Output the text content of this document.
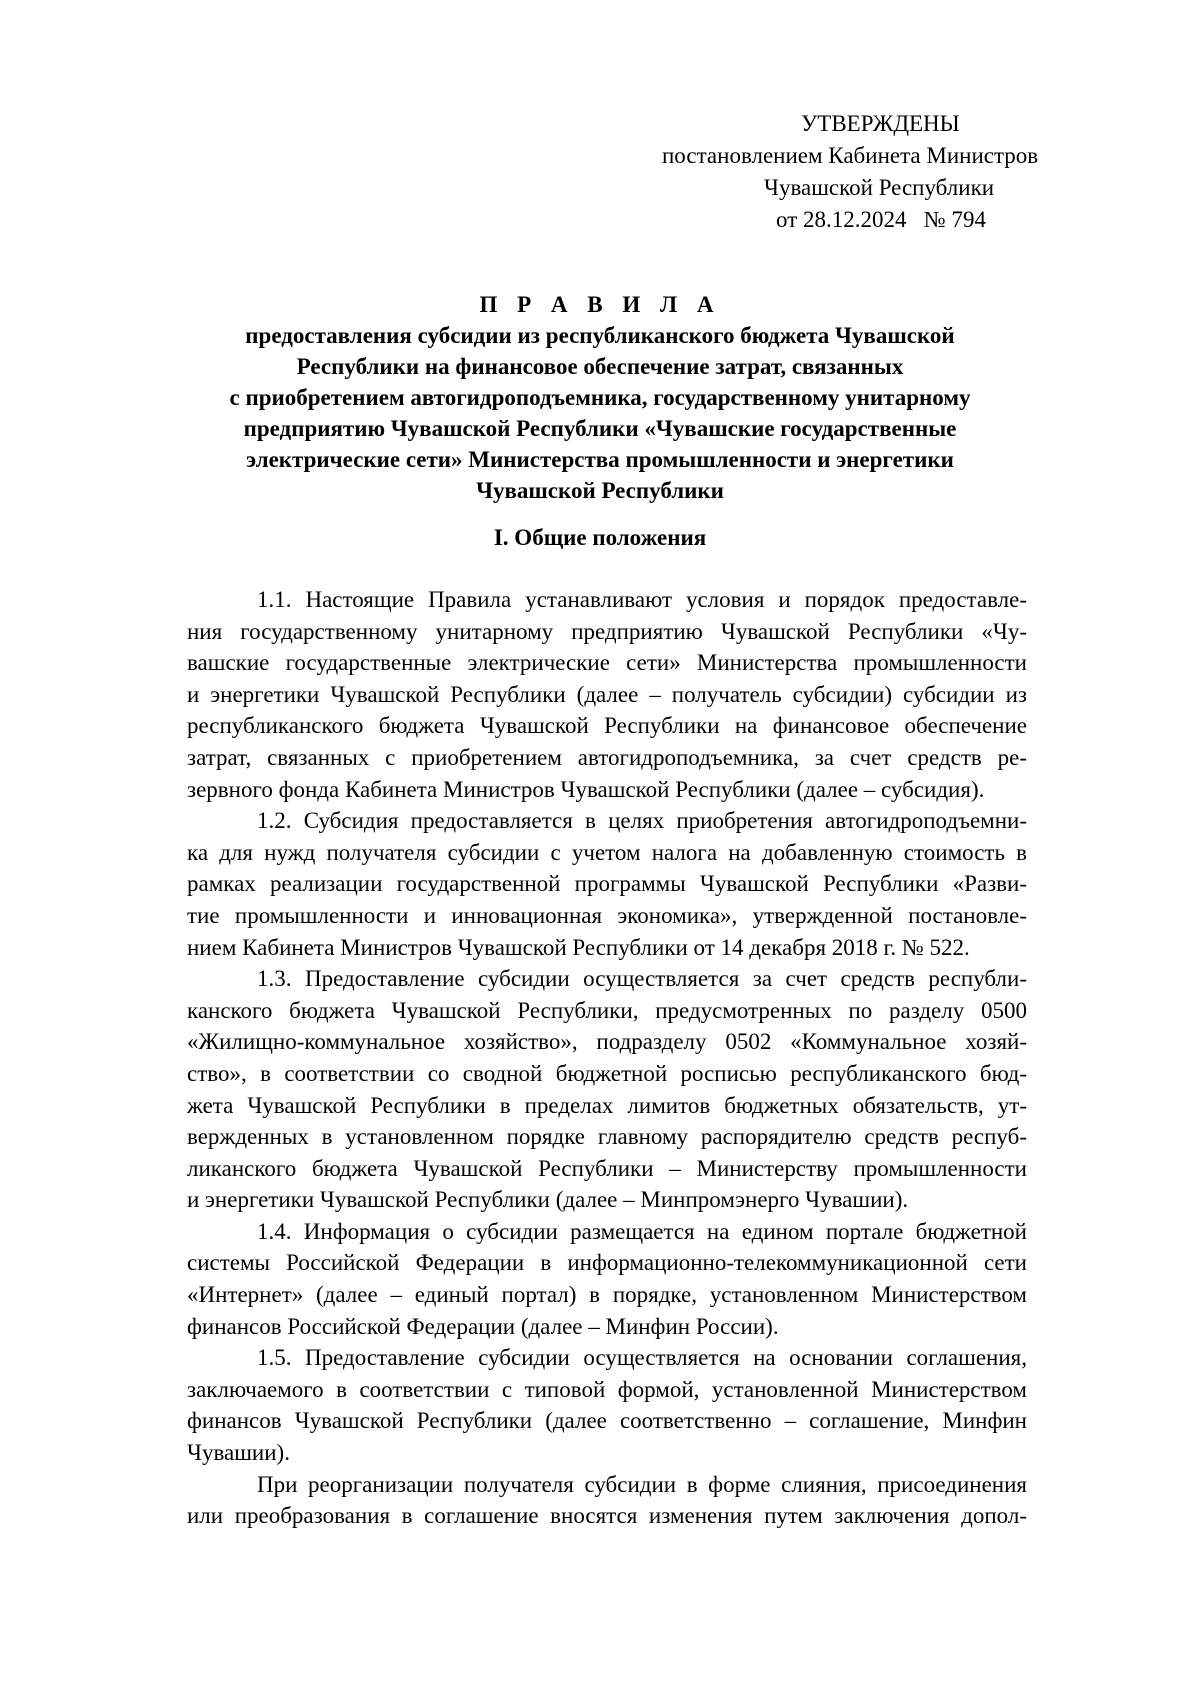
УТВЕРЖДЕНЫ
постановлением Кабинета Министров
Чувашской Республики
от 28.12.2024   № 794
П Р А В И Л А
предоставления субсидии из республиканского бюджета Чувашской
Республики на финансовое обеспечение затрат, связанных
с приобретением автогидроподъемника, государственному унитарному
предприятию Чувашской Республики «Чувашские государственные
электрические сети» Министерства промышленности и энергетики
Чувашской Республики
I. Общие положения
1.1. Настоящие Правила устанавливают условия и порядок предоставле-
ния государственному унитарному предприятию Чувашской Республики «Чу-
вашские государственные электрические сети» Министерства промышленности
и энергетики Чувашской Республики (далее – получатель субсидии) субсидии из
республиканского бюджета Чувашской Республики на финансовое обеспечение
затрат, связанных с приобретением автогидроподъемника, за счет средств ре-
зервного фонда Кабинета Министров Чувашской Республики (далее – субсидия).
1.2. Субсидия предоставляется в целях приобретения автогидроподъемни-
ка для нужд получателя субсидии с учетом налога на добавленную стоимость в
рамках реализации государственной программы Чувашской Республики «Разви-
тие промышленности и инновационная экономика», утвержденной постановле-
нием Кабинета Министров Чувашской Республики от 14 декабря 2018 г. № 522.
1.3. Предоставление субсидии осуществляется за счет средств республи-
канского бюджета Чувашской Республики, предусмотренных по разделу 0500
«Жилищно-коммунальное хозяйство», подразделу 0502 «Коммунальное хозяй-
ство», в соответствии со сводной бюджетной росписью республиканского бюд-
жета Чувашской Республики в пределах лимитов бюджетных обязательств, ут-
вержденных в установленном порядке главному распорядителю средств респуб-
ликанского бюджета Чувашской Республики – Министерству промышленности
и энергетики Чувашской Республики (далее – Минпромэнерго Чувашии).
1.4. Информация о субсидии размещается на едином портале бюджетной
системы Российской Федерации в информационно-телекоммуникационной сети
«Интернет» (далее – единый портал) в порядке, установленном Министерством
финансов Российской Федерации (далее – Минфин России).
1.5. Предоставление субсидии осуществляется на основании соглашения,
заключаемого в соответствии с типовой формой, установленной Министерством
финансов Чувашской Республики (далее соответственно – соглашение, Минфин
Чувашии).
При реорганизации получателя субсидии в форме слияния, присоединения
или преобразования в соглашение вносятся изменения путем заключения допол-
